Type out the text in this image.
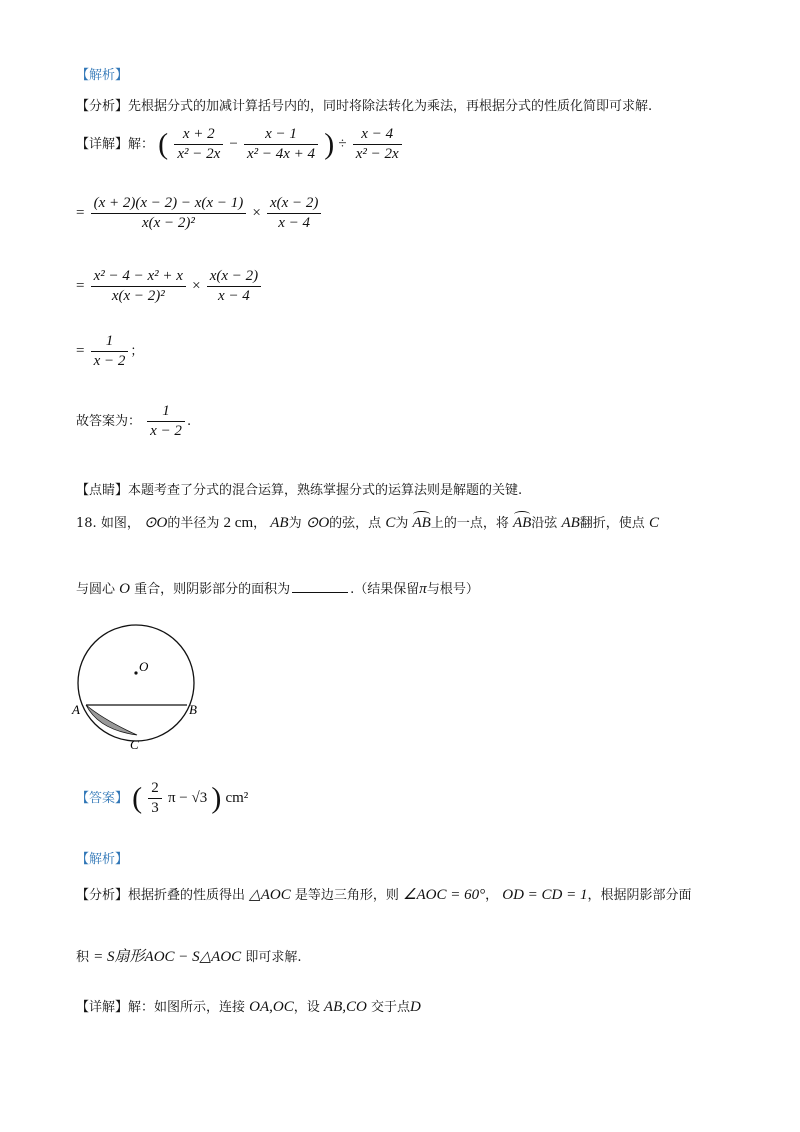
【解析】
【分析】先根据分式的加减计算括号内的，同时将除法转化为乘法，再根据分式的性质化简即可求解.
【详解】解： ( $\frac{x + 2}{\text{x² − 2x}} - \frac{x - 1}{\text{x² − 4x + 4}}$ ) ÷ $\frac{x - 4}{\text{x² − 2x}}$
= $\frac{(x + 2)(x - 2) - x(x - 1)}{\text{x(x − 2)²}} \times \frac{x(x - 2)}{x - 4}$
= $\frac{\text{x² − 4 − x² + x}}{\text{x(x − 2)²}} \times \frac{x(x - 2)}{x - 4}$
= $\frac{1}{x - 2}$ ；
故答案为： $\frac{1}{x - 2}$ .
【点睛】本题考查了分式的混合运算，熟练掌握分式的运算法则是解题的关键.
18. 如图， ⊙O的半径为 2 cm， AB为 ⊙O的弦，点 C为 AB上的一点，将 AB沿弦 AB翻折，使点 C
与圆心 O 重合，则阴影部分的面积为	.（结果保留π与根号）
O
A	B
C
【答案】 ( $\frac{2}{3}$ π − √3 ) cm²
【解析】
【分析】根据折叠的性质得出 △AOC 是等边三角形，则 ∠AOC = 60°， OD = CD = 1，根据阴影部分面
积 = S扇形AOC − S△AOC 即可求解.
【详解】解：如图所示，连接 OA,OC，设 AB,CO 交于点D
